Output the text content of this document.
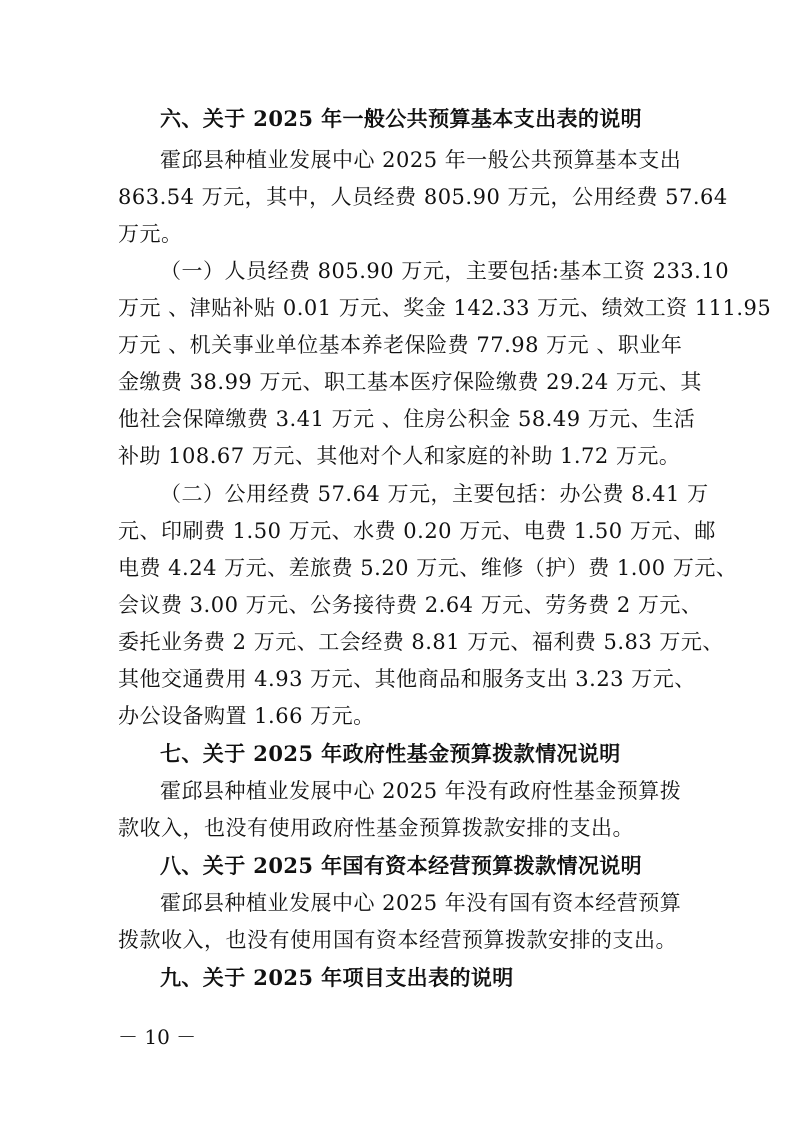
六、关于 2025 年一般公共预算基本支出表的说明
霍邱县种植业发展中心 2025 年一般公共预算基本支出
863.54 万元，其中，人员经费 805.90 万元，公用经费 57.64
万元。
（一）人员经费 805.90 万元，主要包括:基本工资 233.10
万元 、津贴补贴 0.01 万元、奖金 142.33 万元、绩效工资 111.95
万元 、机关事业单位基本养老保险费 77.98 万元 、职业年
金缴费 38.99 万元、职工基本医疗保险缴费 29.24 万元、其
他社会保障缴费 3.41 万元 、住房公积金 58.49 万元、生活
补助 108.67 万元、其他对个人和家庭的补助 1.72 万元。
（二）公用经费 57.64 万元，主要包括：办公费 8.41 万
元、印刷费 1.50 万元、水费 0.20 万元、电费 1.50 万元、邮
电费 4.24 万元、差旅费 5.20 万元、维修（护）费 1.00 万元、
会议费 3.00 万元、公务接待费 2.64 万元、劳务费 2 万元、
委托业务费 2 万元、工会经费 8.81 万元、福利费 5.83 万元、
其他交通费用 4.93 万元、其他商品和服务支出 3.23 万元、
办公设备购置 1.66 万元。
七、关于 2025 年政府性基金预算拨款情况说明
霍邱县种植业发展中心 2025 年没有政府性基金预算拨
款收入，也没有使用政府性基金预算拨款安排的支出。
八、关于 2025 年国有资本经营预算拨款情况说明
霍邱县种植业发展中心 2025 年没有国有资本经营预算
拨款收入，也没有使用国有资本经营预算拨款安排的支出。
九、关于 2025 年项目支出表的说明
－ 10 －
